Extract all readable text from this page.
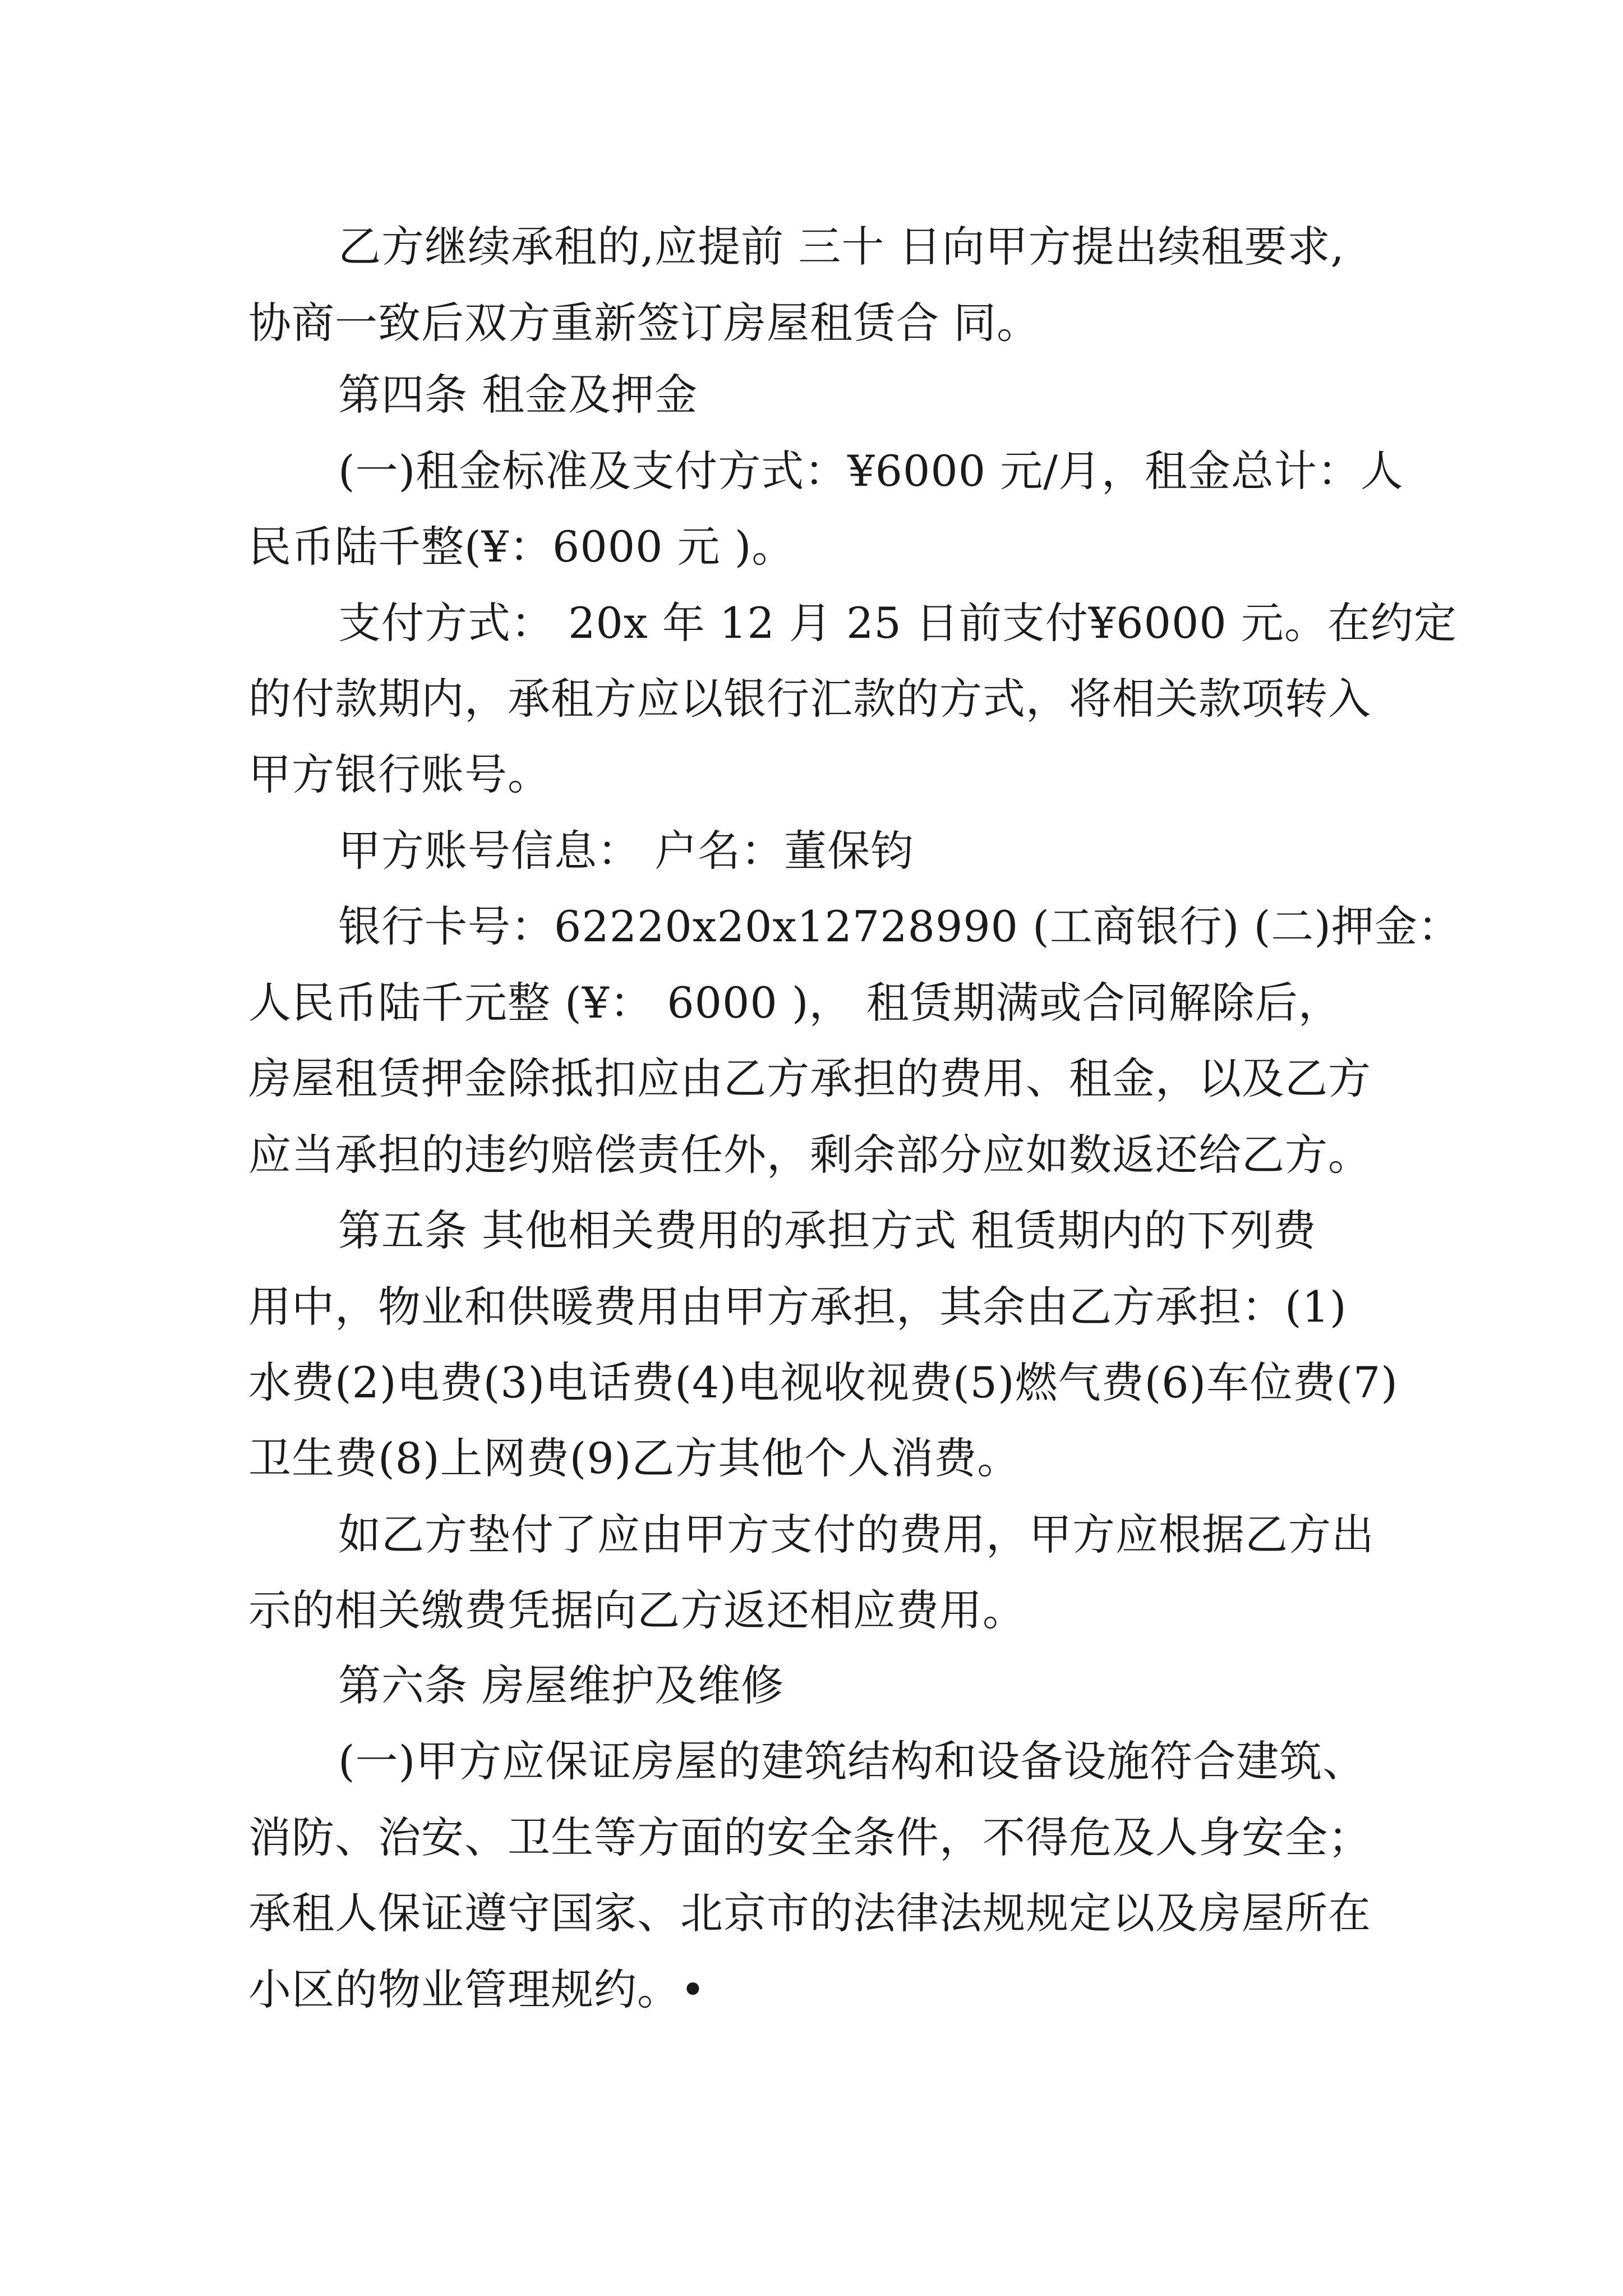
乙方继续承租的,应提前 三十 日向甲方提出续租要求,
协商一致后双方重新签订房屋租赁合 同。
第四条 租金及押金
(一)租金标准及支付方式：¥6000 元/月，租金总计：人
民币陆千整(¥：6000 元 )。
支付方式： 20x 年 12 月 25 日前支付¥6000 元。在约定
的付款期内，承租方应以银行汇款的方式，将相关款项转入
甲方银行账号。
甲方账号信息： 户名：董保钧
银行卡号：62220x20x12728990 (工商银行) (二)押金：
人民币陆千元整 (¥： 6000 )， 租赁期满或合同解除后，
房屋租赁押金除抵扣应由乙方承担的费用、租金，以及乙方
应当承担的违约赔偿责任外，剩余部分应如数返还给乙方。
第五条 其他相关费用的承担方式 租赁期内的下列费
用中，物业和供暖费用由甲方承担，其余由乙方承担：(1)
水费(2)电费(3)电话费(4)电视收视费(5)燃气费(6)车位费(7)
卫生费(8)上网费(9)乙方其他个人消费。
如乙方垫付了应由甲方支付的费用，甲方应根据乙方出
示的相关缴费凭据向乙方返还相应费用。
第六条 房屋维护及维修
(一)甲方应保证房屋的建筑结构和设备设施符合建筑、
消防、治安、卫生等方面的安全条件，不得危及人身安全；
承租人保证遵守国家、北京市的法律法规规定以及房屋所在
小区的物业管理规约。•
